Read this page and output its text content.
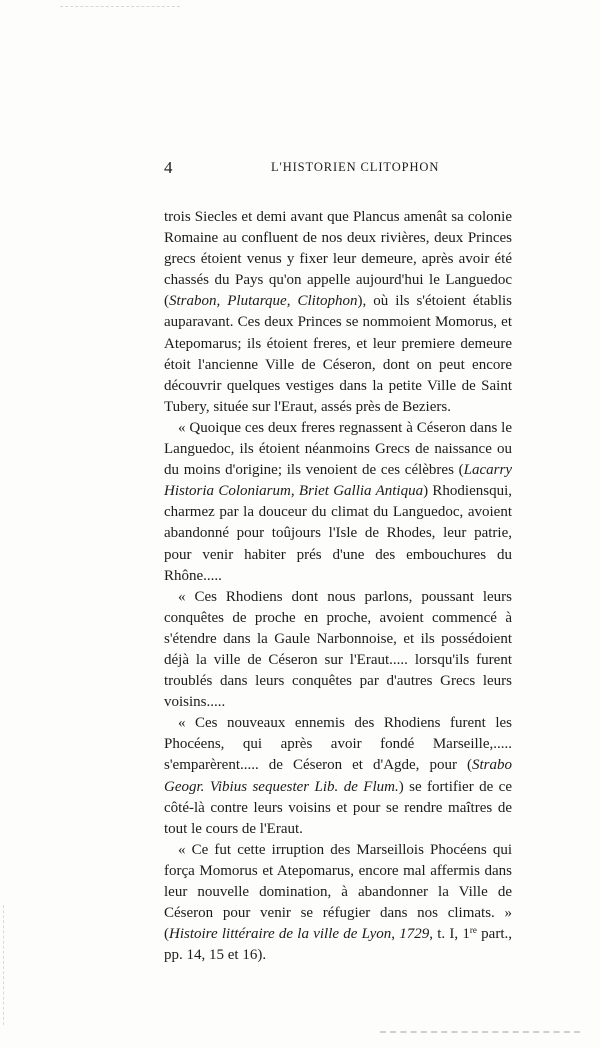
4	L'HISTORIEN CLITOPHON

trois Siecles et demi avant que Plancus amenât sa colonie Romaine au confluent de nos deux rivières, deux Princes grecs étoient venus y fixer leur demeure, après avoir été chassés du Pays qu'on appelle aujourd'hui le Languedoc (Strabon, Plutarque, Clitophon), où ils s'étoient établis auparavant. Ces deux Princes se nommoient Momorus, et Atepomarus; ils étoient freres, et leur premiere demeure étoit l'ancienne Ville de Céseron, dont on peut encore découvrir quelques vestiges dans la petite Ville de Saint Tubery, située sur l'Eraut, assés près de Beziers.

« Quoique ces deux freres regnassent à Céseron dans le Languedoc, ils étoient néanmoins Grecs de naissance ou du moins d'origine; ils venoient de ces célèbres (Lacarry Historia Coloniarum, Briet Gallia Antiqua) Rhodiensqui, charmez par la douceur du climat du Languedoc, avoient abandonné pour toûjours l'Isle de Rhodes, leur patrie, pour venir habiter prés d'une des embouchures du Rhône.....

« Ces Rhodiens dont nous parlons, poussant leurs conquêtes de proche en proche, avoient commencé à s'étendre dans la Gaule Narbonnoise, et ils possédoient déjà la ville de Céseron sur l'Eraut..... lorsqu'ils furent troublés dans leurs conquêtes par d'autres Grecs leurs voisins.....

« Ces nouveaux ennemis des Rhodiens furent les Phocéens, qui après avoir fondé Marseille,..... s'emparèrent..... de Céseron et d'Agde, pour (Strabo Geogr. Vibius sequester Lib. de Flum.) se fortifier de ce côté-là contre leurs voisins et pour se rendre maîtres de tout le cours de l'Eraut.

« Ce fut cette irruption des Marseillois Phocéens qui força Momorus et Atepomarus, encore mal affermis dans leur nouvelle domination, à abandonner la Ville de Céseron pour venir se réfugier dans nos climats. » (Histoire littéraire de la ville de Lyon, 1729, t. I, 1re part., pp. 14, 15 et 16).
